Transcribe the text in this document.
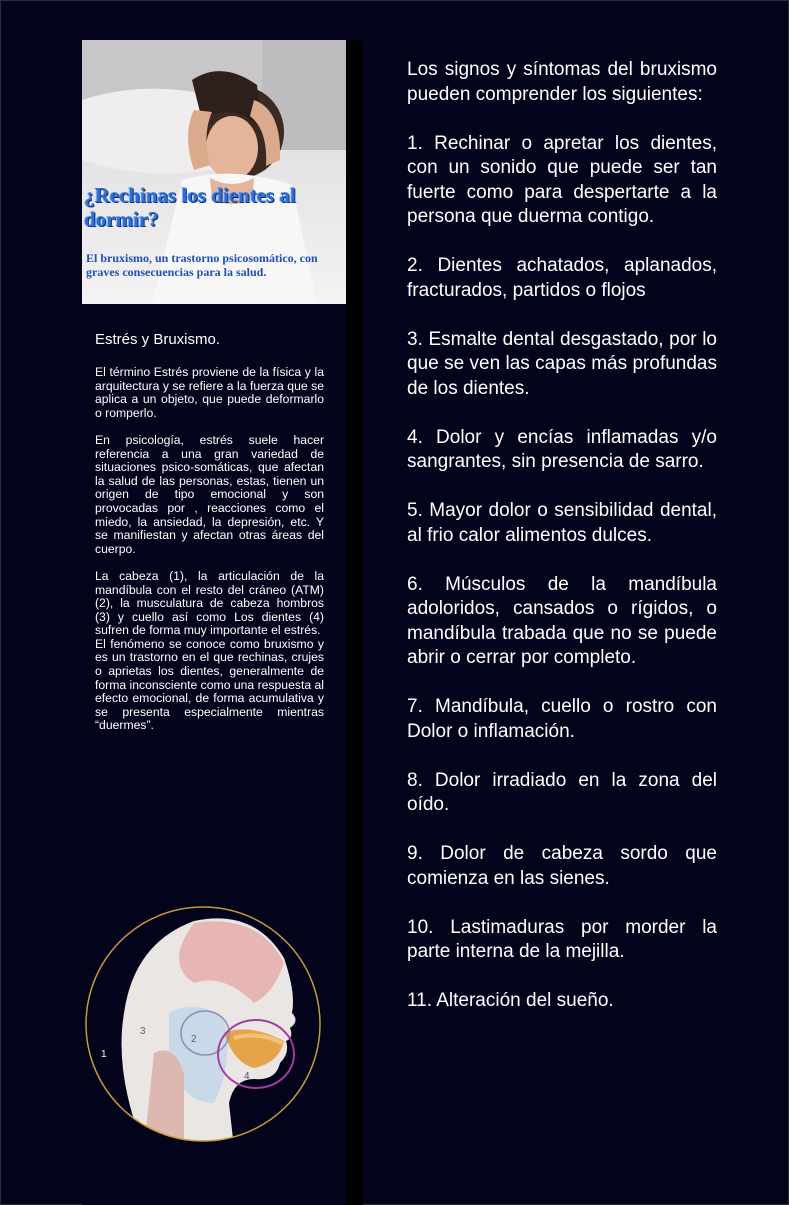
¿Rechinas los dientes al dormir?
El bruxismo, un trastorno psicosomático, con graves consecuencias para la salud.
Estrés y Bruxismo.

El término Estrés proviene de la física y la arquitectura y se refiere a la fuerza que se aplica a un objeto, que puede deformarlo o romperlo.

En psicología, estrés suele hacer referencia a una gran variedad de situaciones psico-somáticas, que afectan la salud de las personas, estas, tienen un origen de tipo emocional y son provocadas por , reacciones como el miedo, la ansiedad, la depresión, etc. Y se manifiestan y afectan otras áreas del cuerpo.

La cabeza (1), la articulación de la mandíbula con el resto del cráneo (ATM) (2), la musculatura de cabeza hombros (3) y cuello así como Los dientes (4) sufren de forma muy importante el estrés.

El fenómeno se conoce como bruxismo y es un trastorno en el que rechinas, crujes o aprietas los dientes, generalmente de forma inconsciente como una respuesta al efecto emocional, de forma acumulativa y se presenta especialmente mientras “duermes”.

1
2
3
4

Los signos y síntomas del bruxismo pueden comprender los siguientes:

1. Rechinar o apretar los dientes, con un sonido que puede ser tan fuerte como para despertarte a la persona que duerma contigo.

2. Dientes achatados, aplanados, fracturados, partidos o flojos

3. Esmalte dental desgastado, por lo que se ven las capas más profundas de los dientes.

4. Dolor y encías inflamadas y/o sangrantes, sin presencia de sarro.

5. Mayor dolor o sensibilidad dental, al frio calor alimentos dulces.

6. Músculos de la mandíbula adoloridos, cansados o rígidos, o mandíbula trabada que no se puede abrir o cerrar por completo.

7. Mandíbula, cuello o rostro con Dolor o inflamación.

8. Dolor irradiado en la zona del oído.

9. Dolor de cabeza sordo que comienza en las sienes.

10. Lastimaduras por morder la parte interna de la mejilla.

11. Alteración del sueño.
